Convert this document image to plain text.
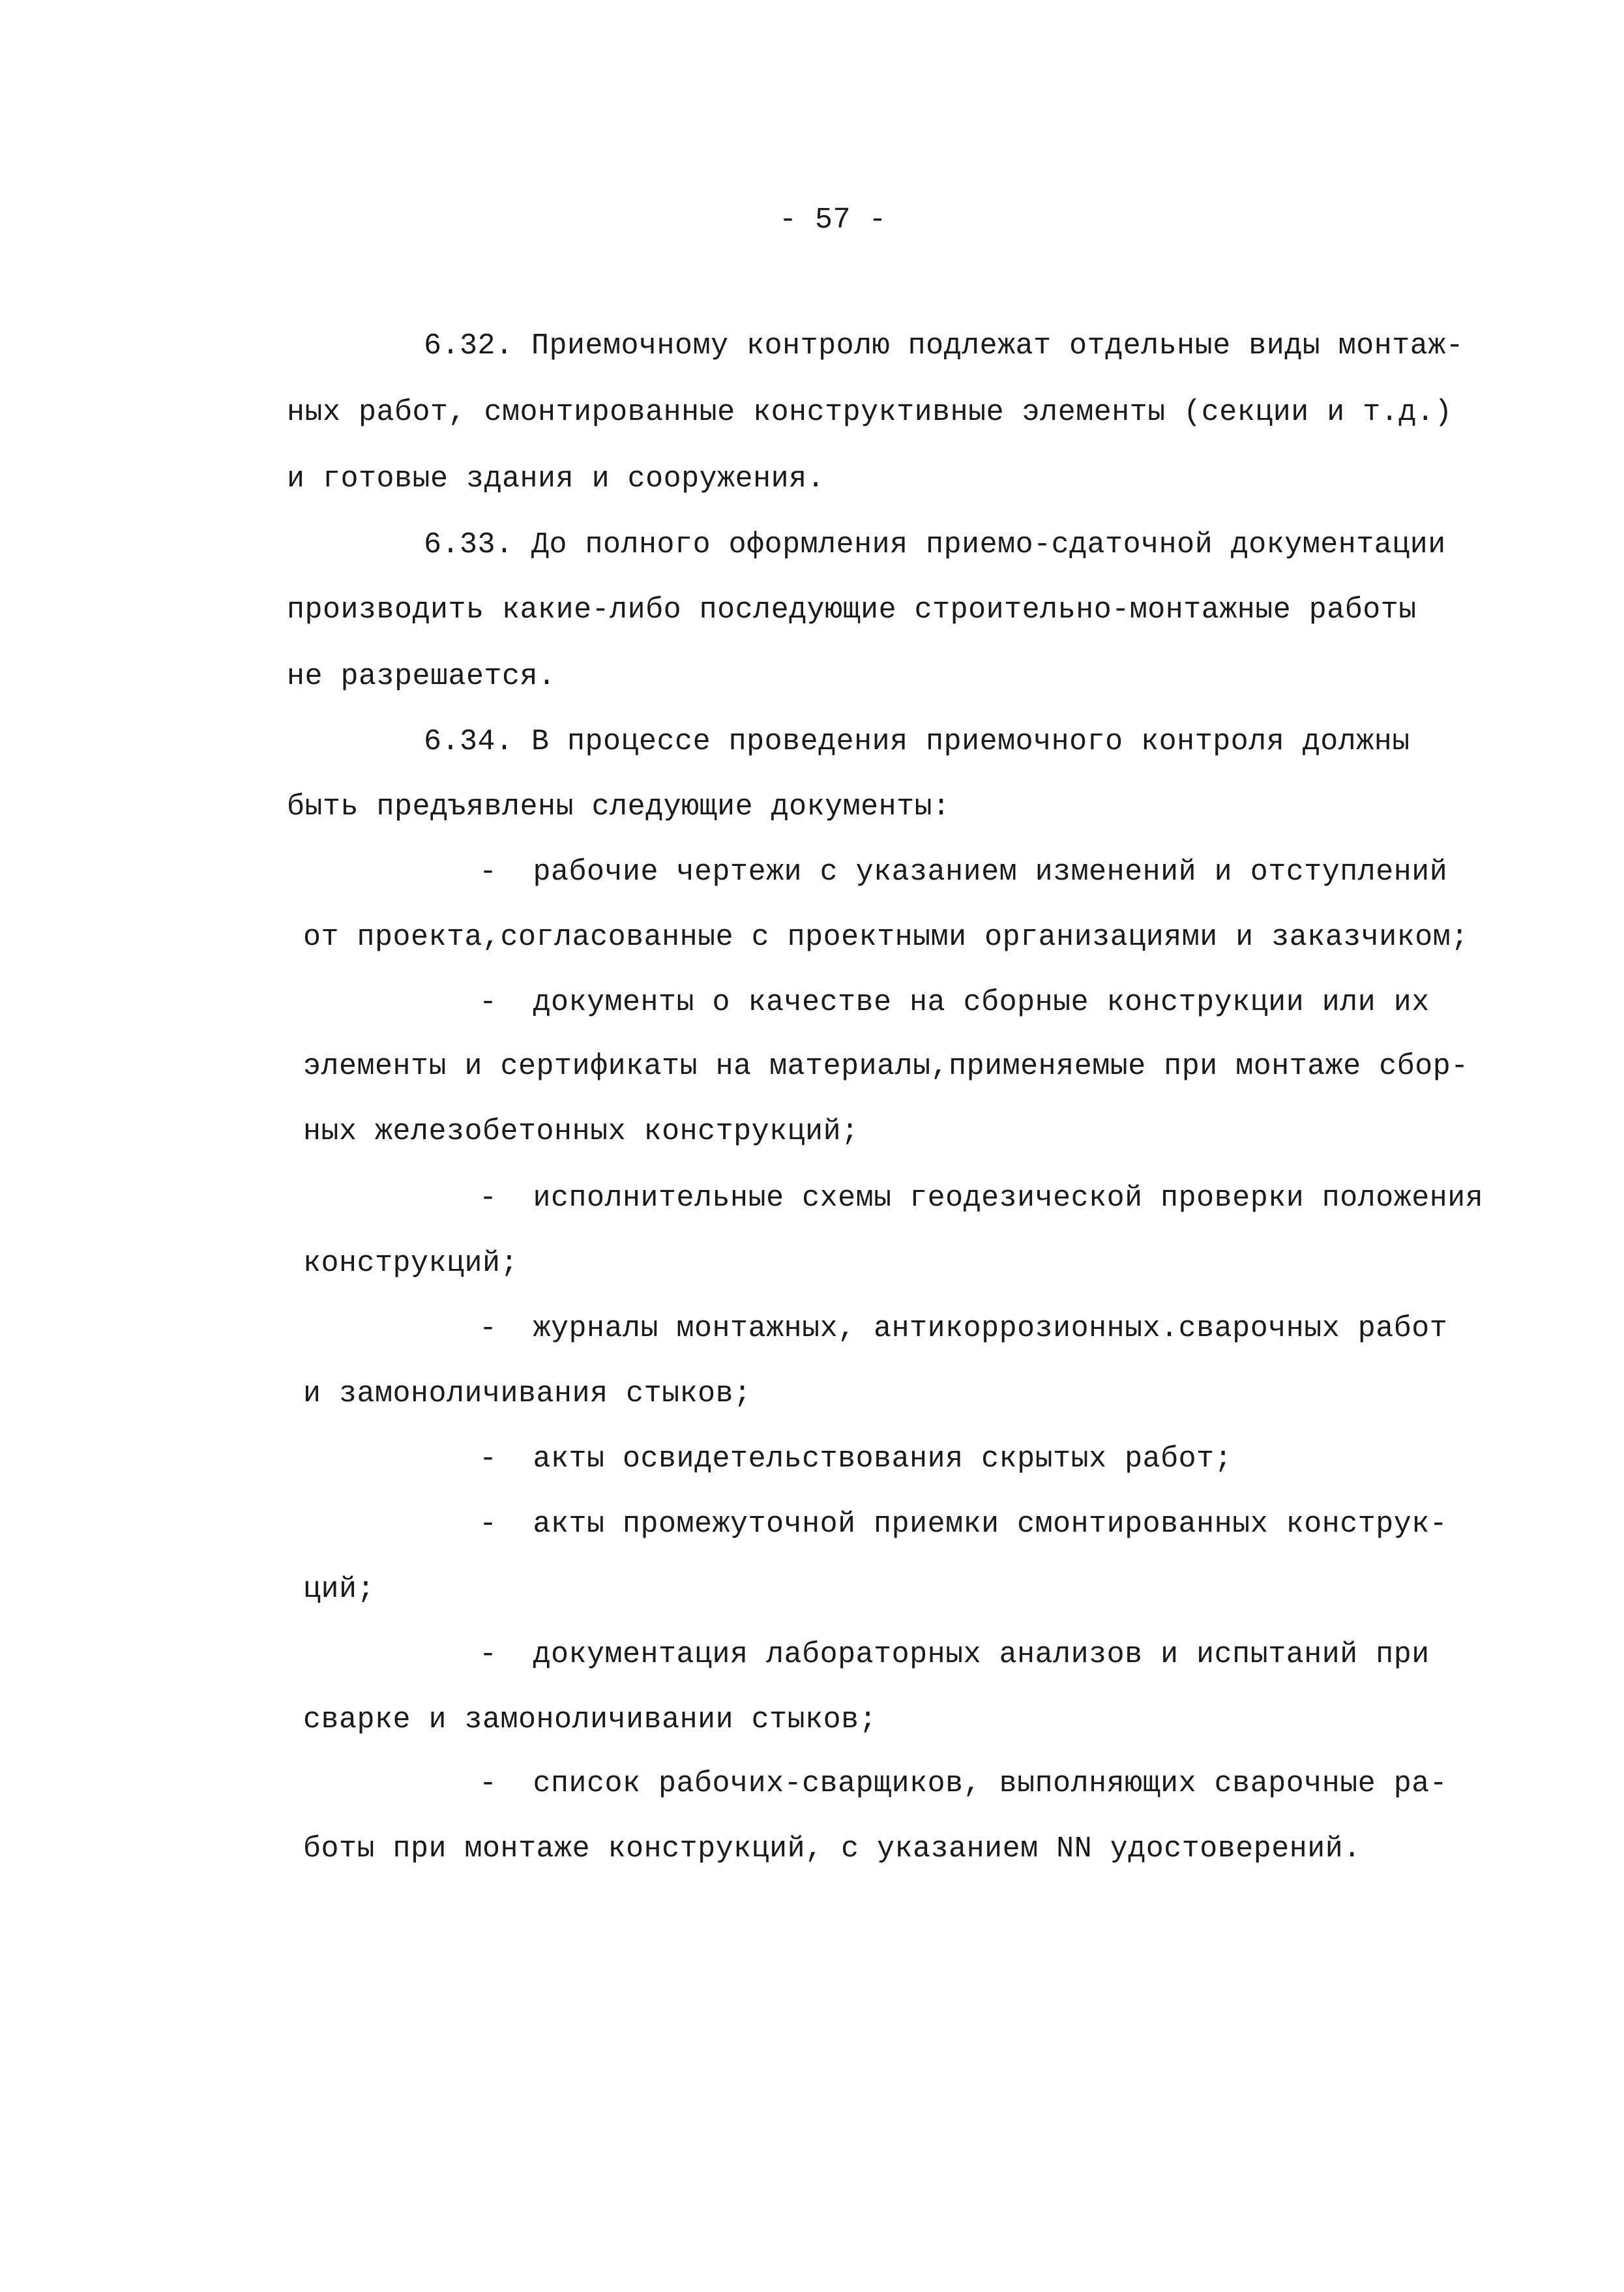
- 57 -
6.32. Приемочному контролю подлежат отдельные виды монтаж-
ных работ, смонтированные конструктивные элементы (секции и т.д.)
и готовые здания и сооружения.
6.33. До полного оформления приемо-сдаточной документации
производить какие-либо последующие строительно-монтажные работы
не разрешается.
6.34. В процессе проведения приемочного контроля должны
быть предъявлены следующие документы:
-  рабочие чертежи с указанием изменений и отступлений
от проекта,согласованные с проектными организациями и заказчиком;
-  документы о качестве на сборные конструкции или их
элементы и сертификаты на материалы,применяемые при монтаже сбор-
ных железобетонных конструкций;
-  исполнительные схемы геодезической проверки положения
конструкций;
-  журналы монтажных, антикоррозионных.сварочных работ
и замоноличивания стыков;
-  акты освидетельствования скрытых работ;
-  акты промежуточной приемки смонтированных конструк-
ций;
-  документация лабораторных анализов и испытаний при
сварке и замоноличивании стыков;
-  список рабочих-сварщиков, выполняющих сварочные ра-
боты при монтаже конструкций, с указанием NN удостоверений.
